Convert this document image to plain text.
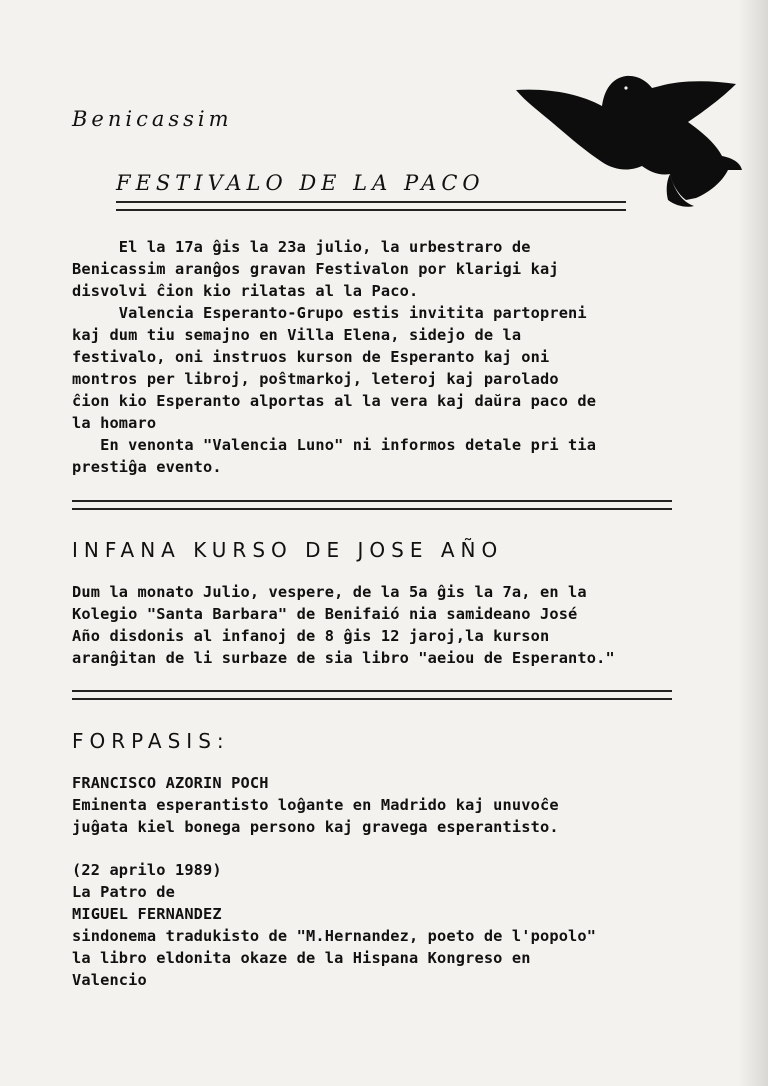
Benicassim
FESTIVALO DE LA PACO
El la 17a ĝis la 23a julio, la urbestraro de
Benicassim aranĝos gravan Festivalon por klarigi kaj
disvolvi ĉion kio rilatas al la Paco.
Valencia Esperanto-Grupo estis invitita partopreni
kaj dum tiu semajno en Villa Elena, sidejo de la
festivalo, oni instruos kurson de Esperanto kaj oni
montros per libroj, poŝtmarkoj, leteroj kaj parolado
ĉion kio Esperanto alportas al la vera kaj daŭra paco de
la homaro
En venonta "Valencia Luno" ni informos detale pri tia
prestiĝa evento.
INFANA KURSO DE JOSE AÑO
Dum la monato Julio, vespere, de la 5a ĝis la 7a, en la
Kolegio "Santa Barbara" de Benifaió nia samideano José
Año disdonis al infanoj de 8 ĝis 12 jaroj,la kurson
aranĝitan de li surbaze de sia libro "aeiou de Esperanto."
FORPASIS:
FRANCISCO AZORIN POCH
Eminenta esperantisto loĝante en Madrido kaj unuvoĉe
juĝata kiel bonega persono kaj gravega esperantisto.
(22 aprilo 1989)
La Patro de
MIGUEL FERNANDEZ
sindonema tradukisto de "M.Hernandez, poeto de l'popolo"
la libro eldonita okaze de la Hispana Kongreso en
Valencio
